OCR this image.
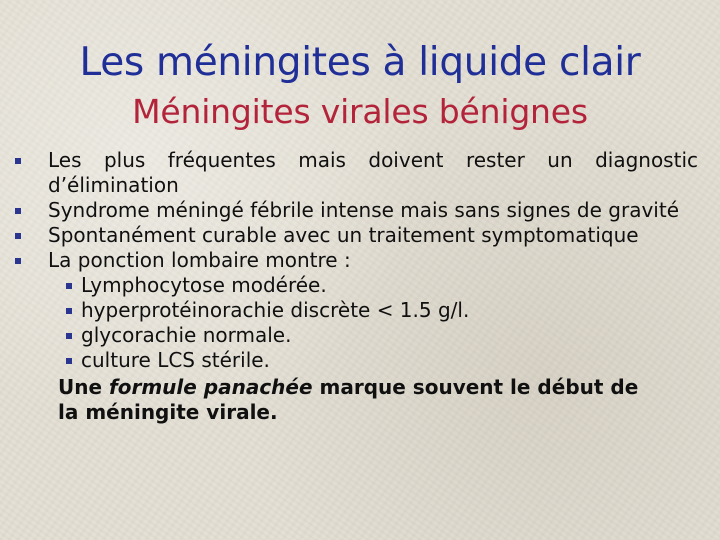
Les méningites à liquide clair
Méningites virales bénignes
Les plus fréquentes mais doivent rester un diagnostic d’élimination
Syndrome méningé fébrile intense mais sans signes de gravité
Spontanément curable avec un traitement symptomatique
La ponction lombaire montre :
Lymphocytose modérée.
hyperprotéinorachie discrète < 1.5 g/l.
glycorachie normale.
culture LCS stérile.
Une formule panachée marque souvent le début de la méningite virale.
